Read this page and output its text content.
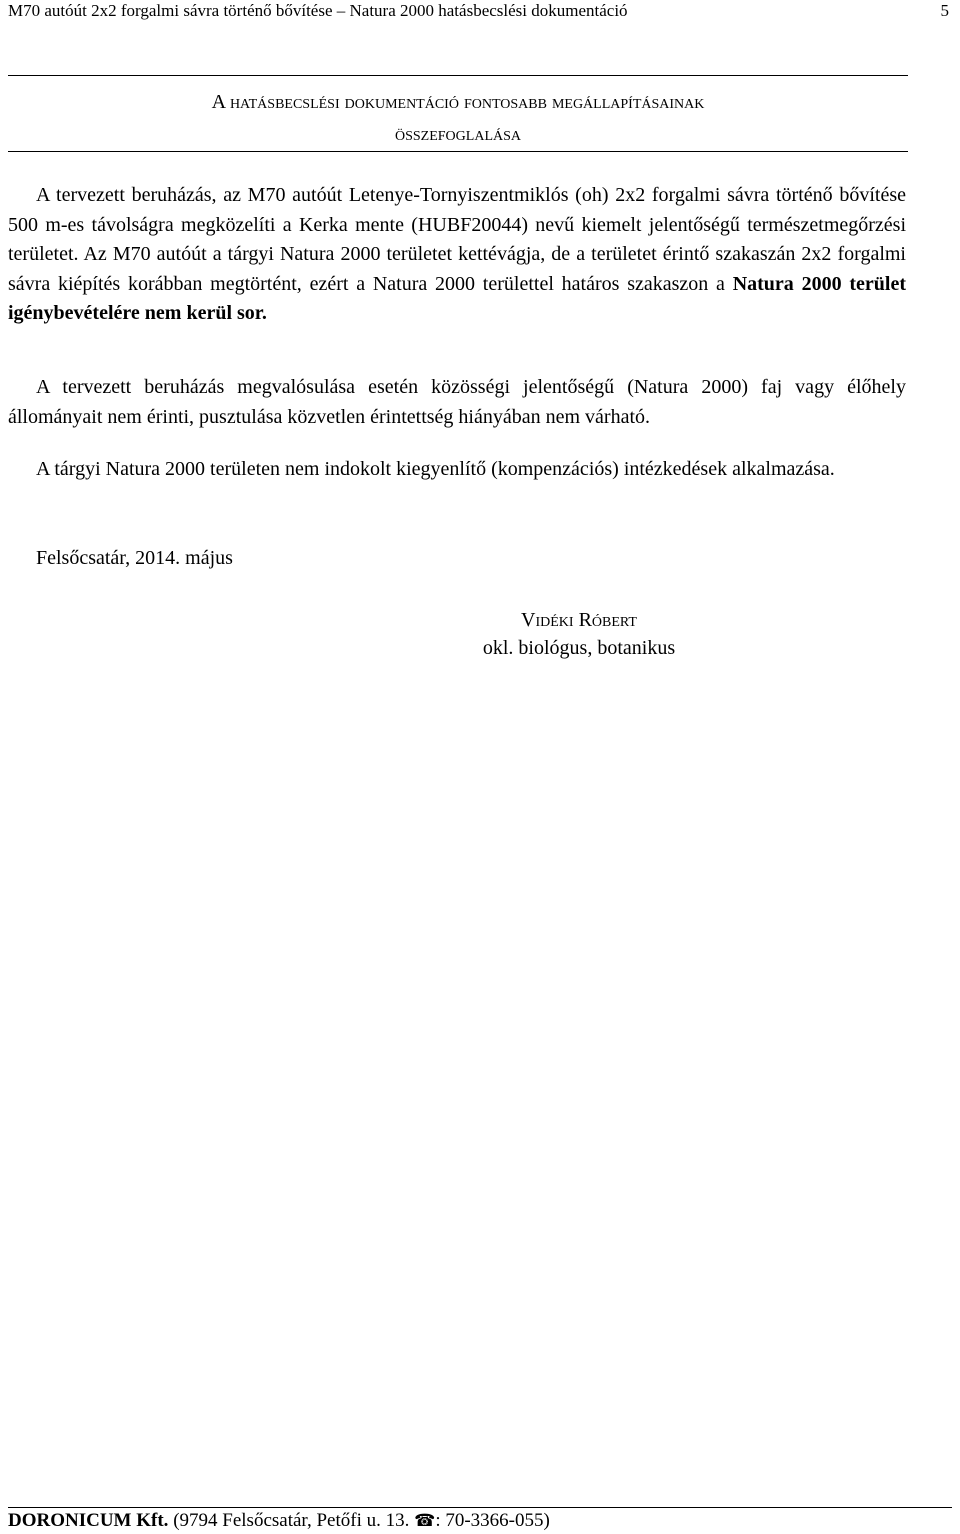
M70 autóút 2x2 forgalmi sávra történő bővítése – Natura 2000 hatásbecslési dokumentáció	5
A hatásbecslési dokumentáció fontosabb megállapításainak
összefoglalása

A tervezett beruházás, az M70 autóút Letenye-Tornyiszentmiklós (oh) 2x2 forgalmi sávra történő bővítése 500 m-es távolságra megközelíti a Kerka mente (HUBF20044) nevű kiemelt jelentőségű természetmegőrzési területet. Az M70 autóút a tárgyi Natura 2000 területet kettévágja, de a területet érintő szakaszán 2x2 forgalmi sávra kiépítés korábban megtörtént, ezért a Natura 2000 területtel határos szakaszon a Natura 2000 terület igénybevételére nem kerül sor.

A tervezett beruházás megvalósulása esetén közösségi jelentőségű (Natura 2000) faj vagy élőhely állományait nem érinti, pusztulása közvetlen érintettség hiányában nem várható.

A tárgyi Natura 2000 területen nem indokolt kiegyenlítő (kompenzációs) intézkedések alkalmazása.

Felsőcsatár, 2014. május
Vidéki Róbert
okl. biológus, botanikus
DORONICUM Kft. (9794 Felsőcsatár, Petőfi u. 13. ☎: 70-3366-055)
